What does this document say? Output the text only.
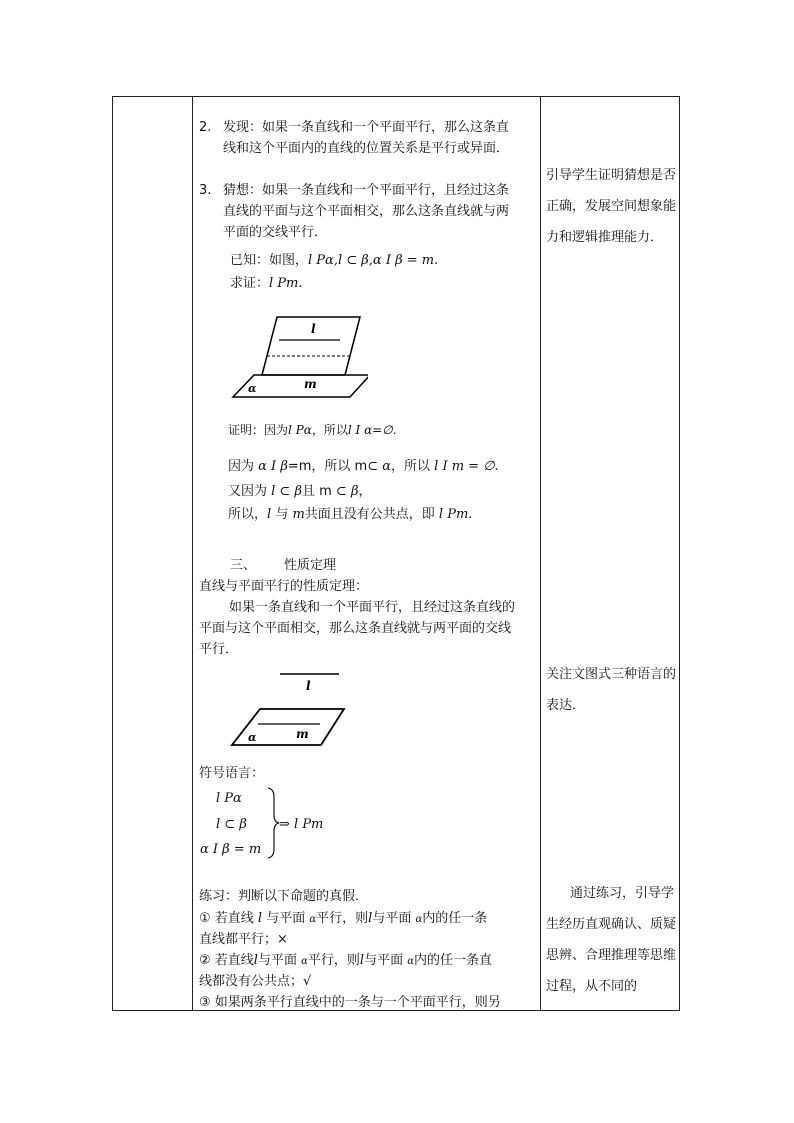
2. 发现：如果一条直线和一个平面平行，那么这条直
线和这个平面内的直线的位置关系是平行或异面．
3. 猜想：如果一条直线和一个平面平行，且经过这条
直线的平面与这个平面相交，那么这条直线就与两
平面的交线平行．
已知：如图，l Pα,l ⊂ β,α I β = m.
求证：l Pm.
l
α	m
证明：因为l Pα，所以l I α=∅.
因为 α I β=m，所以 m⊂ α，所以 l I m = ∅.
又因为 l ⊂ β且 m ⊂ β，
所以，l 与 m共面且没有公共点，即 l Pm.
三、 性质定理
直线与平面平行的性质定理：
如果一条直线和一个平面平行，且经过这条直线的
平面与这个平面相交，那么这条直线就与两平面的交线
平行．
l
α	m
符号语言：
l Pα
l ⊂ β
α I β = m
⇒ l Pm
练习：判断以下命题的真假．
① 若直线 l 与平面 α平行，则l与平面 α内的任一条
直线都平行；×
② 若直线l与平面 α平行，则l与平面 α内的任一条直
线都没有公共点；√
③ 如果两条平行直线中的一条与一个平面平行，则另
引导学生证明猜想是否正确，发展空间想象能力和逻辑推理能力．
关注文图式三种语言的表达．
通过练习，引导学生经历直观确认、质疑思辨、合理推理等思维过程，从不同的
